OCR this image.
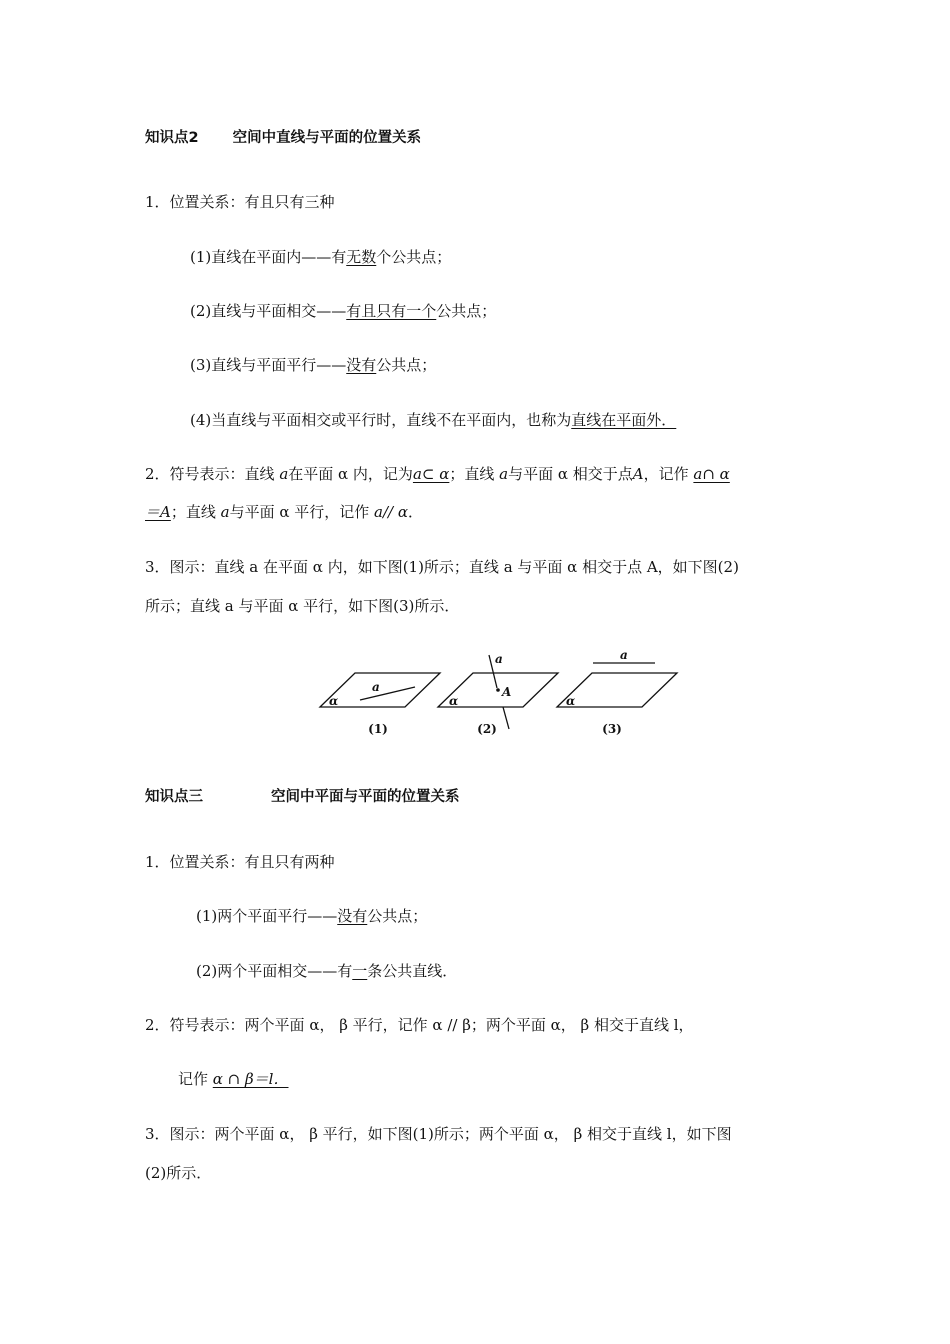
知识点2 空间中直线与平面的位置关系
1．位置关系：有且只有三种
(1)直线在平面内——有无数个公共点；
(2)直线与平面相交——有且只有一个公共点；
(3)直线与平面平行——没有公共点；
(4)当直线与平面相交或平行时，直线不在平面内，也称为直线在平面外．
2．符号表示：直线 a在平面 α 内，记为a⊂ α；直线 a与平面 α 相交于点A，记作 a∩ α
＝A；直线 a与平面 α 平行，记作 a// α．
3．图示：直线 a 在平面 α 内，如下图(1)所示；直线 a 与平面 α 相交于点 A，如下图(2)
所示；直线 a 与平面 α 平行，如下图(3)所示．
a
α
a
A
α
a
α
(1)	(2)	(3)
知识点三	空间中平面与平面的位置关系
1．位置关系：有且只有两种
(1)两个平面平行——没有公共点；
(2)两个平面相交——有一条公共直线．
2．符号表示：两个平面 α， β 平行，记作 α // β；两个平面 α， β 相交于直线 l，
记作 α ∩ β＝l．
3．图示：两个平面 α， β 平行，如下图(1)所示；两个平面 α， β 相交于直线 l，如下图
(2)所示．
